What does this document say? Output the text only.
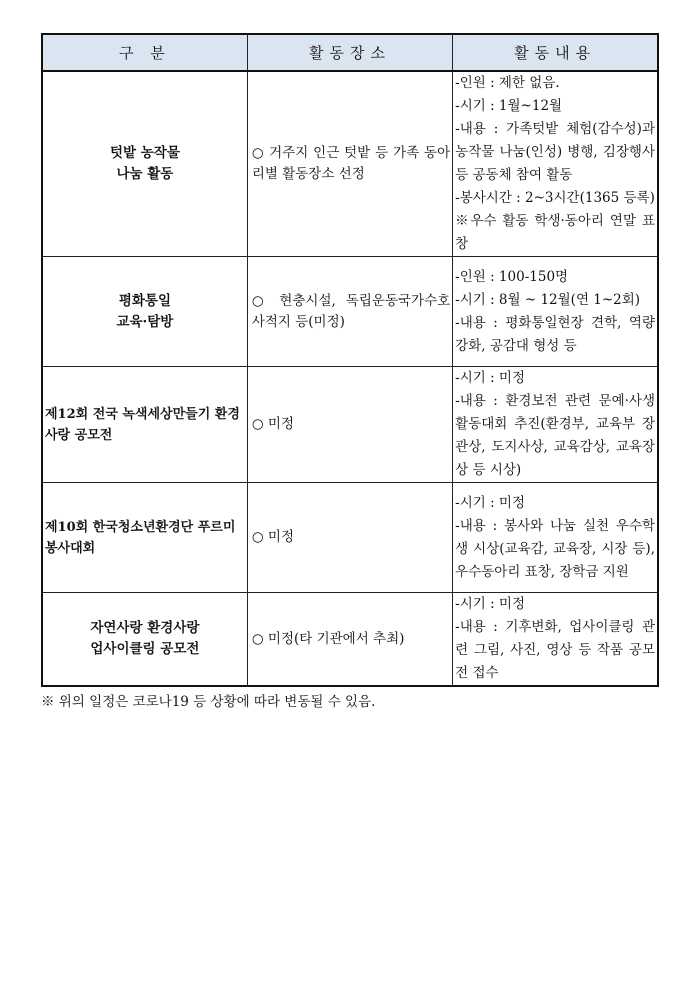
구 분	활동장소	활동내용

텃밭 농작물
나눔 활동	○ 거주지 인근 텃밭 등 가족 동아리별 활동장소 선정	-인원 : 제한 없음.
-시기 : 1월~12월
-내용 : 가족텃밭 체험(감수성)과 농작물 나눔(인성) 병행, 김장행사 등 공동체 참여 활동
-봉사시간 : 2~3시간(1365 등록)
※우수 활동 학생·동아리 연말 표창

평화통일
교육·탐방	○ 현충시설, 독립운동국가수호 사적지 등(미정)	-인원 : 100-150명
-시기 : 8월 ~ 12월(연 1~2회)
-내용 : 평화통일현장 견학, 역량강화, 공감대 형성 등

제12회 전국 녹색세상만들기 환경사랑 공모전	○ 미정	-시기 : 미정
-내용 : 환경보전 관련 문예·사생활동대회 추진(환경부, 교육부 장관상, 도지사상, 교육감상, 교육장상 등 시상)

제10회 한국청소년환경단 푸르미 봉사대회	○ 미정	-시기 : 미정
-내용 : 봉사와 나눔 실천 우수학생 시상(교육감, 교육장, 시장 등), 우수동아리 표창, 장학금 지원

자연사랑 환경사랑
업사이클링 공모전	○ 미정(타 기관에서 추최)	-시기 : 미정
-내용 : 기후변화, 업사이클링 관련 그림, 사진, 영상 등 작품 공모전 접수
※ 위의 일정은 코로나19 등 상황에 따라 변동될 수 있음.
